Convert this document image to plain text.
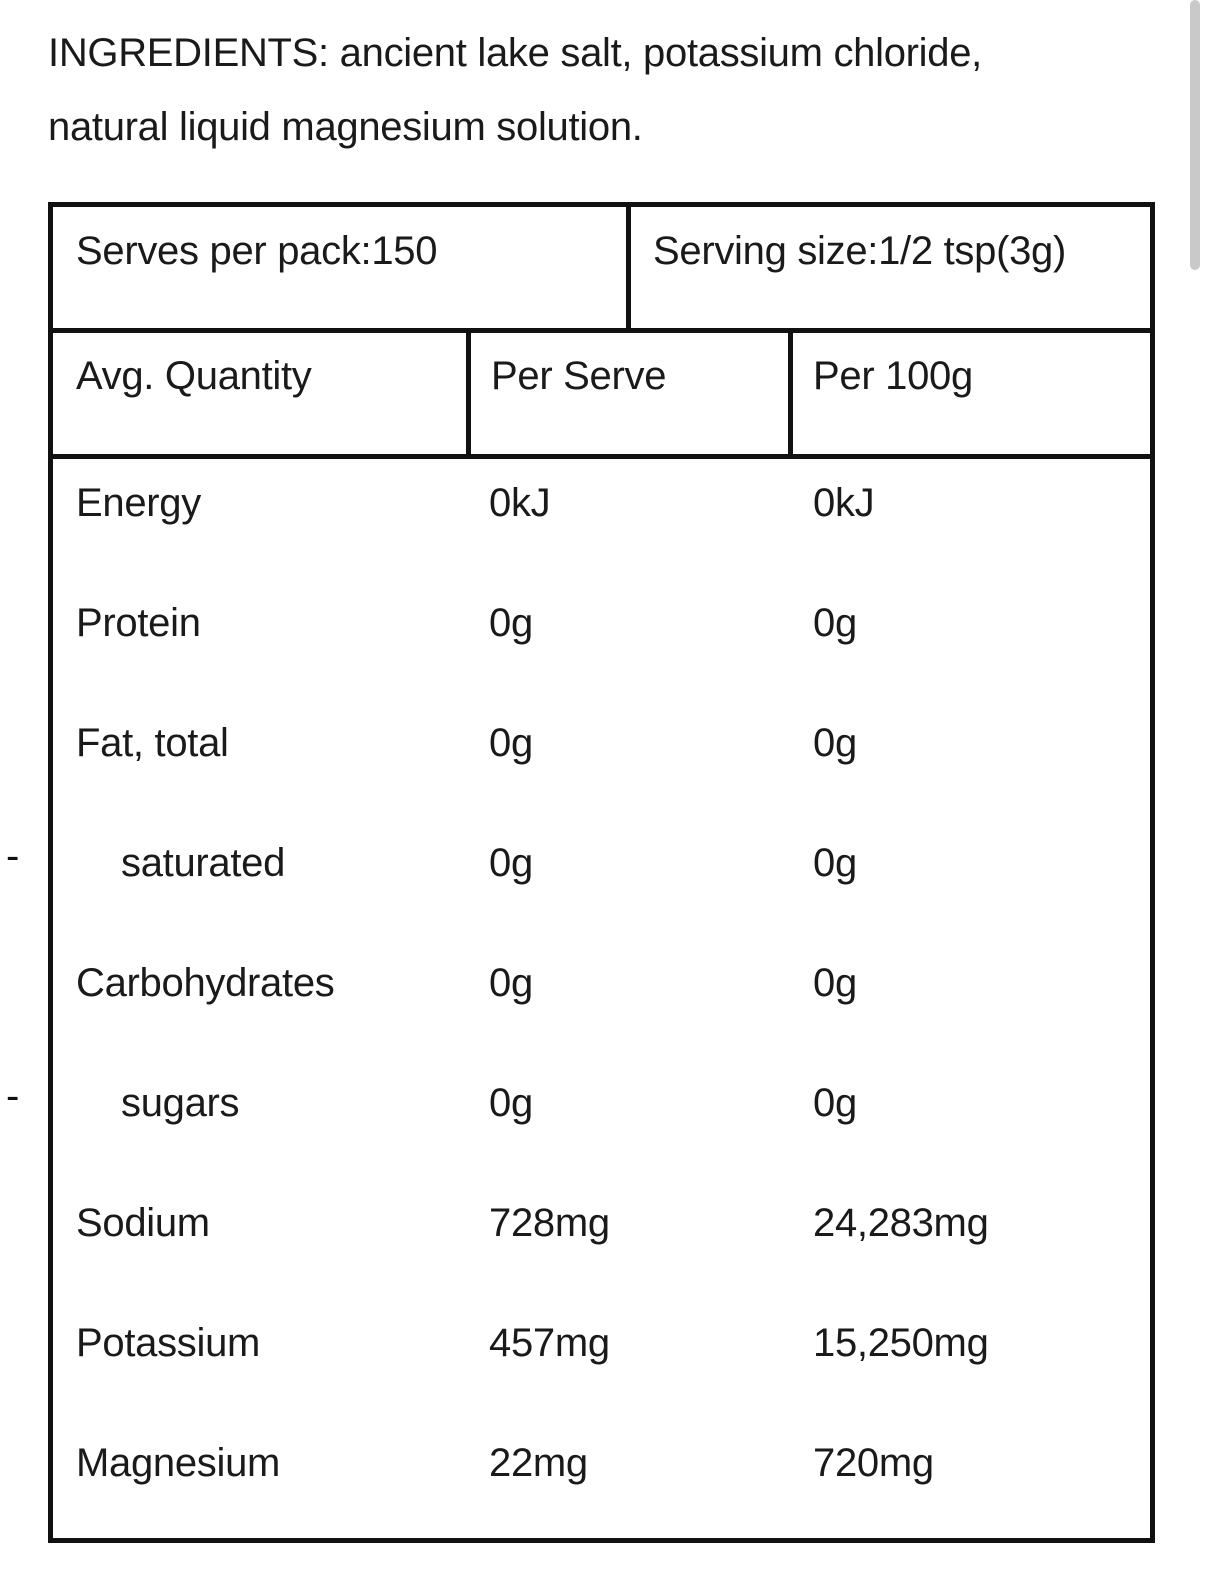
INGREDIENTS: ancient lake salt, potassium chloride,
natural liquid magnesium solution.
Serves per pack:150	Serving size:1/2 tsp(3g)
Avg. Quantity	Per Serve	Per 100g
Energy	0kJ	0kJ
Protein	0g	0g
Fat, total	0g	0g
saturated	0g	0g
Carbohydrates	0g	0g
sugars	0g	0g
Sodium	728mg	24,283mg
Potassium	457mg	15,250mg
Magnesium	22mg	720mg
-
-
